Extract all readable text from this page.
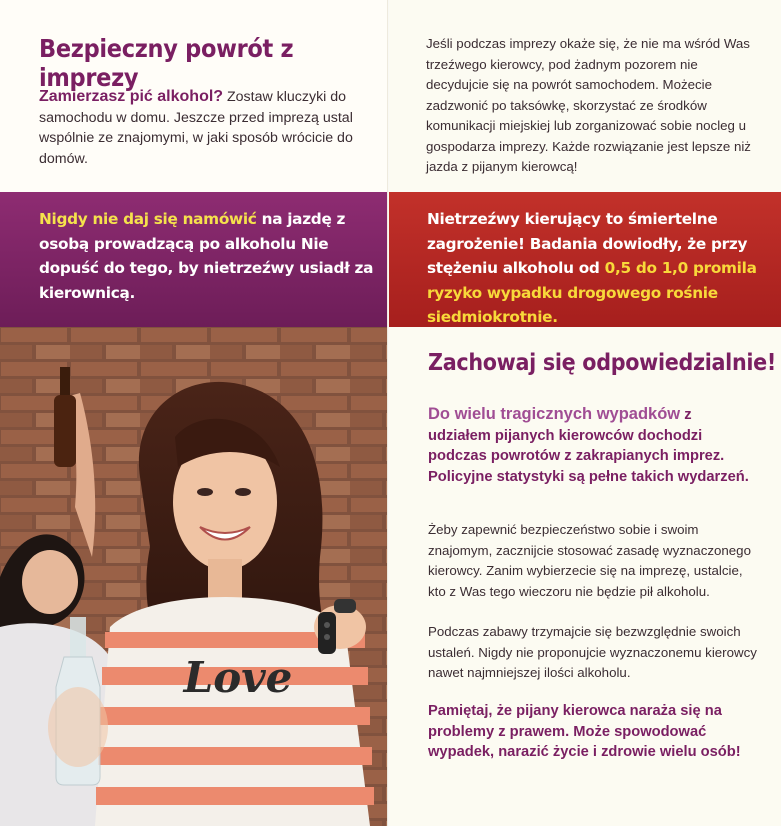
Bezpieczny powrót z imprezy
Zamierzasz pić alkohol? Zostaw kluczyki do samochodu w domu. Jeszcze przed imprezą ustal wspólnie ze znajomymi, w jaki sposób wrócicie do domów.
Nigdy nie daj się namówić na jazdę z osobą prowadzącą po alkoholu Nie dopuść do tego, by nietrzeźwy usiadł za kierownicą.
Love
Jeśli podczas imprezy okaże się, że nie ma wśród Was trzeźwego kierowcy, pod żadnym pozorem nie decydujcie się na powrót samochodem. Możecie zadzwonić po taksówkę, skorzystać ze środków komunikacji miejskiej lub zorganizować sobie nocleg u gospodarza imprezy. Każde rozwiązanie jest lepsze niż jazda z pijanym kierowcą!
Nietrzeźwy kierujący to śmiertelne zagrożenie! Badania dowiodły, że przy stężeniu alkoholu od 0,5 do 1,0 promila ryzyko wypadku drogowego rośnie siedmiokrotnie.
Zachowaj się odpowiedzialnie!
Do wielu tragicznych wypadków z udziałem pijanych kierowców dochodzi podczas powrotów z zakrapianych imprez. Policyjne statystyki są pełne takich wydarzeń.
Żeby zapewnić bezpieczeństwo sobie i swoim znajomym, zacznijcie stosować zasadę wyznaczonego kierowcy. Zanim wybierzecie się na imprezę, ustalcie, kto z Was tego wieczoru nie będzie pił alkoholu.
Podczas zabawy trzymajcie się bezwzględnie swoich ustaleń. Nigdy nie proponujcie wyznaczonemu kierowcy nawet najmniejszej ilości alkoholu.
Pamiętaj, że pijany kierowca naraża się na problemy z prawem. Może spowodować wypadek, narazić życie i zdrowie wielu osób!
